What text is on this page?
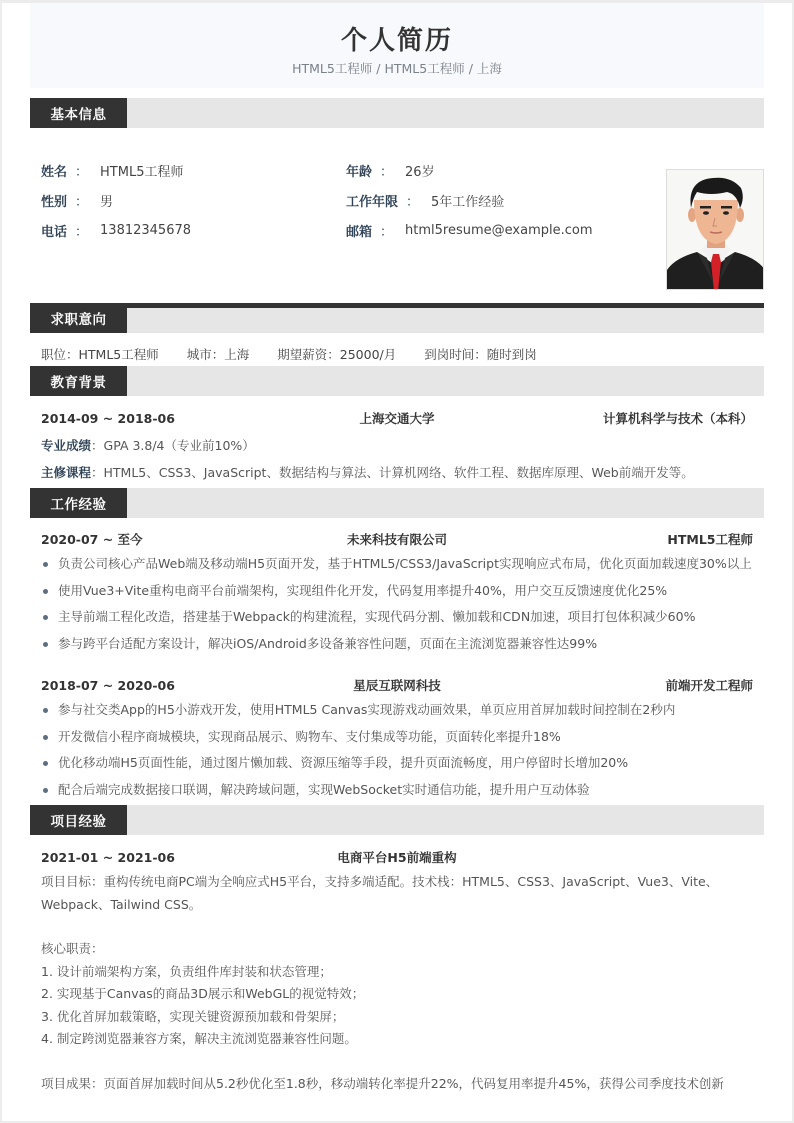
个人简历
HTML5工程师 / HTML5工程师 / 上海
基本信息
姓名 ： HTML5工程师	年龄 ： 26岁
性别 ： 男	工作年限 ： 5年工作经验
电话 ： 13812345678	邮箱 ： html5resume@example.com
求职意向
职位：HTML5工程师 城市：上海 期望薪资：25000/月 到岗时间：随时到岗
教育背景
2014-09 ~ 2018-06	上海交通大学	计算机科学与技术（本科）
专业成绩：GPA 3.8/4（专业前10%）
主修课程：HTML5、CSS3、JavaScript、数据结构与算法、计算机网络、软件工程、数据库原理、Web前端开发等。
工作经验
2020-07 ~ 至今	未来科技有限公司	HTML5工程师
负责公司核心产品Web端及移动端H5页面开发，基于HTML5/CSS3/JavaScript实现响应式布局，优化页面加载速度30%以上
使用Vue3+Vite重构电商平台前端架构，实现组件化开发，代码复用率提升40%，用户交互反馈速度优化25%
主导前端工程化改造，搭建基于Webpack的构建流程，实现代码分割、懒加载和CDN加速，项目打包体积减少60%
参与跨平台适配方案设计，解决iOS/Android多设备兼容性问题，页面在主流浏览器兼容性达99%
2018-07 ~ 2020-06	星辰互联网科技	前端开发工程师
参与社交类App的H5小游戏开发，使用HTML5 Canvas实现游戏动画效果，单页应用首屏加载时间控制在2秒内
开发微信小程序商城模块，实现商品展示、购物车、支付集成等功能，页面转化率提升18%
优化移动端H5页面性能，通过图片懒加载、资源压缩等手段，提升页面流畅度，用户停留时长增加20%
配合后端完成数据接口联调，解决跨域问题，实现WebSocket实时通信功能，提升用户互动体验
项目经验
2021-01 ~ 2021-06	电商平台H5前端重构
项目目标：重构传统电商PC端为全响应式H5平台，支持多端适配。技术栈：HTML5、CSS3、JavaScript、Vue3、Vite、Webpack、Tailwind CSS。
核心职责：
1. 设计前端架构方案，负责组件库封装和状态管理；
2. 实现基于Canvas的商品3D展示和WebGL的视觉特效；
3. 优化首屏加载策略，实现关键资源预加载和骨架屏；
4. 制定跨浏览器兼容方案，解决主流浏览器兼容性问题。
项目成果：页面首屏加载时间从5.2秒优化至1.8秒，移动端转化率提升22%，代码复用率提升45%，获得公司季度技术创新
